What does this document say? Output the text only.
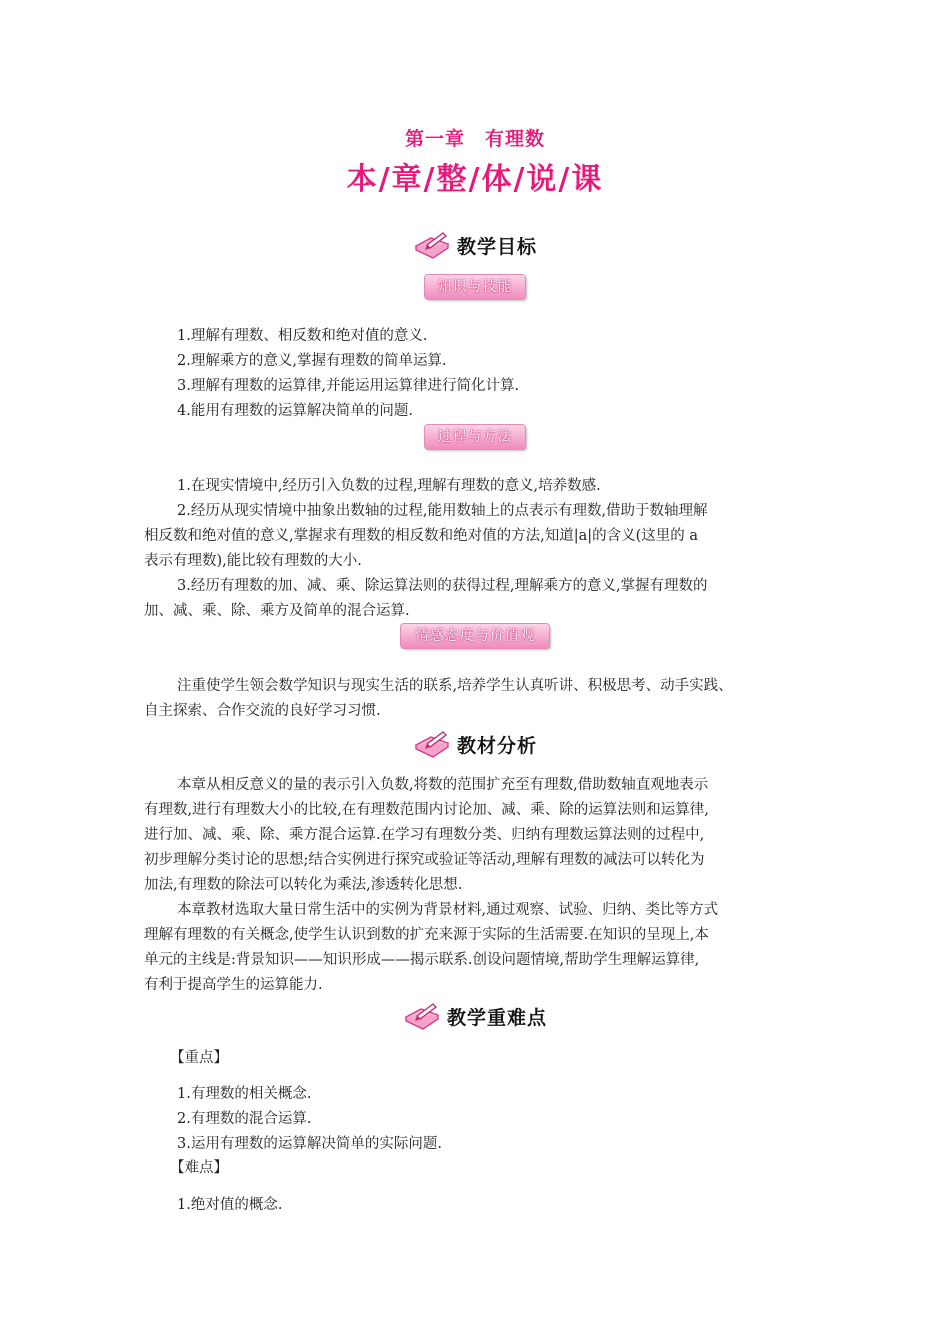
第一章　有理数
本/章/整/体/说/课
教学目标
知识与技能
1.理解有理数、相反数和绝对值的意义.
2.理解乘方的意义,掌握有理数的简单运算.
3.理解有理数的运算律,并能运用运算律进行简化计算.
4.能用有理数的运算解决简单的问题.
过程与方法
1.在现实情境中,经历引入负数的过程,理解有理数的意义,培养数感.
2.经历从现实情境中抽象出数轴的过程,能用数轴上的点表示有理数,借助于数轴理解
相反数和绝对值的意义,掌握求有理数的相反数和绝对值的方法,知道|a|的含义(这里的 a
表示有理数),能比较有理数的大小.
3.经历有理数的加、减、乘、除运算法则的获得过程,理解乘方的意义,掌握有理数的
加、减、乘、除、乘方及简单的混合运算.
情感态度与价值观
注重使学生领会数学知识与现实生活的联系,培养学生认真听讲、积极思考、动手实践、
自主探索、合作交流的良好学习习惯.
教材分析
本章从相反意义的量的表示引入负数,将数的范围扩充至有理数,借助数轴直观地表示
有理数,进行有理数大小的比较,在有理数范围内讨论加、减、乘、除的运算法则和运算律,
进行加、减、乘、除、乘方混合运算.在学习有理数分类、归纳有理数运算法则的过程中,
初步理解分类讨论的思想;结合实例进行探究或验证等活动,理解有理数的减法可以转化为
加法,有理数的除法可以转化为乘法,渗透转化思想.
本章教材选取大量日常生活中的实例为背景材料,通过观察、试验、归纳、类比等方式
理解有理数的有关概念,使学生认识到数的扩充来源于实际的生活需要.在知识的呈现上,本
单元的主线是:背景知识——知识形成——揭示联系.创设问题情境,帮助学生理解运算律,
有利于提高学生的运算能力.
教学重难点
【重点】
1.有理数的相关概念.
2.有理数的混合运算.
3.运用有理数的运算解决简单的实际问题.
【难点】
1.绝对值的概念.
